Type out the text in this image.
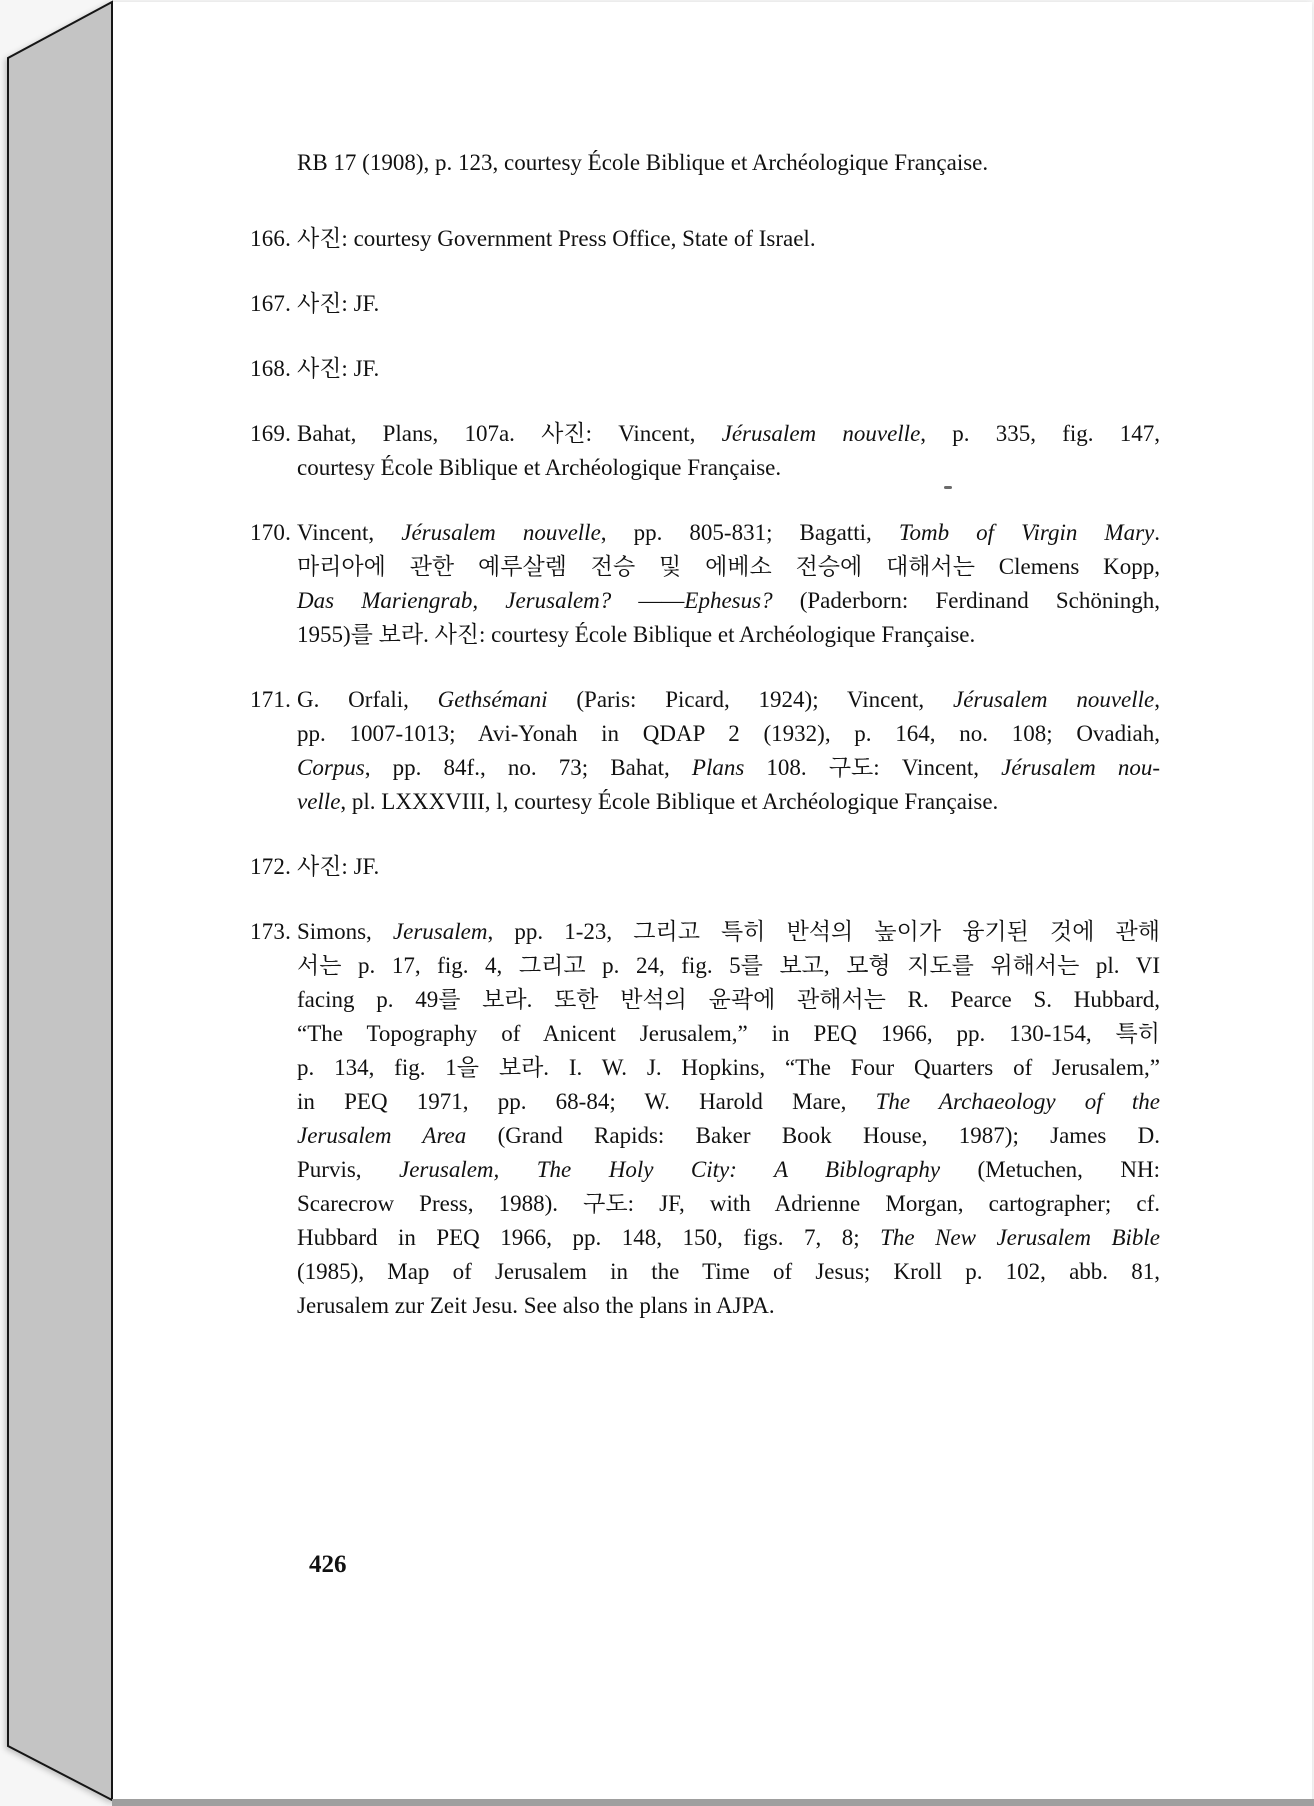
RB 17 (1908), p. 123, courtesy École Biblique et Archéologique Française.
166. 사진: courtesy Government Press Office, State of Israel.
167. 사진: JF.
168. 사진: JF.
169. Bahat, Plans, 107a. 사진: Vincent, Jérusalem nouvelle, p. 335, fig. 147,
courtesy École Biblique et Archéologique Française.
170. Vincent, Jérusalem nouvelle, pp. 805-831; Bagatti, Tomb of Virgin Mary.
마리아에 관한 예루살렘 전승 및 에베소 전승에 대해서는 Clemens Kopp,
Das Mariengrab, Jerusalem? ——Ephesus? (Paderborn: Ferdinand Schöningh,
1955)를 보라. 사진: courtesy École Biblique et Archéologique Française.
171. G. Orfali, Gethsémani (Paris: Picard, 1924); Vincent, Jérusalem nouvelle,
pp. 1007-1013; Avi-Yonah in QDAP 2 (1932), p. 164, no. 108; Ovadiah,
Corpus, pp. 84f., no. 73; Bahat, Plans 108. 구도: Vincent, Jérusalem nou-
velle, pl. LXXXVIII, l, courtesy École Biblique et Archéologique Française.
172. 사진: JF.
173. Simons, Jerusalem, pp. 1-23, 그리고 특히 반석의 높이가 융기된 것에 관해
서는 p. 17, fig. 4, 그리고 p. 24, fig. 5를 보고, 모형 지도를 위해서는 pl. VI
facing p. 49를 보라. 또한 반석의 윤곽에 관해서는 R. Pearce S. Hubbard,
“The Topography of Anicent Jerusalem,” in PEQ 1966, pp. 130-154, 특히
p. 134, fig. 1을 보라. I. W. J. Hopkins, “The Four Quarters of Jerusalem,”
in PEQ 1971, pp. 68-84; W. Harold Mare, The Archaeology of the
Jerusalem Area (Grand Rapids: Baker Book House, 1987); James D.
Purvis, Jerusalem, The Holy City: A Biblography (Metuchen, NH:
Scarecrow Press, 1988). 구도: JF, with Adrienne Morgan, cartographer; cf.
Hubbard in PEQ 1966, pp. 148, 150, figs. 7, 8; The New Jerusalem Bible
(1985), Map of Jerusalem in the Time of Jesus; Kroll p. 102, abb. 81,
Jerusalem zur Zeit Jesu. See also the plans in AJPA.
426
